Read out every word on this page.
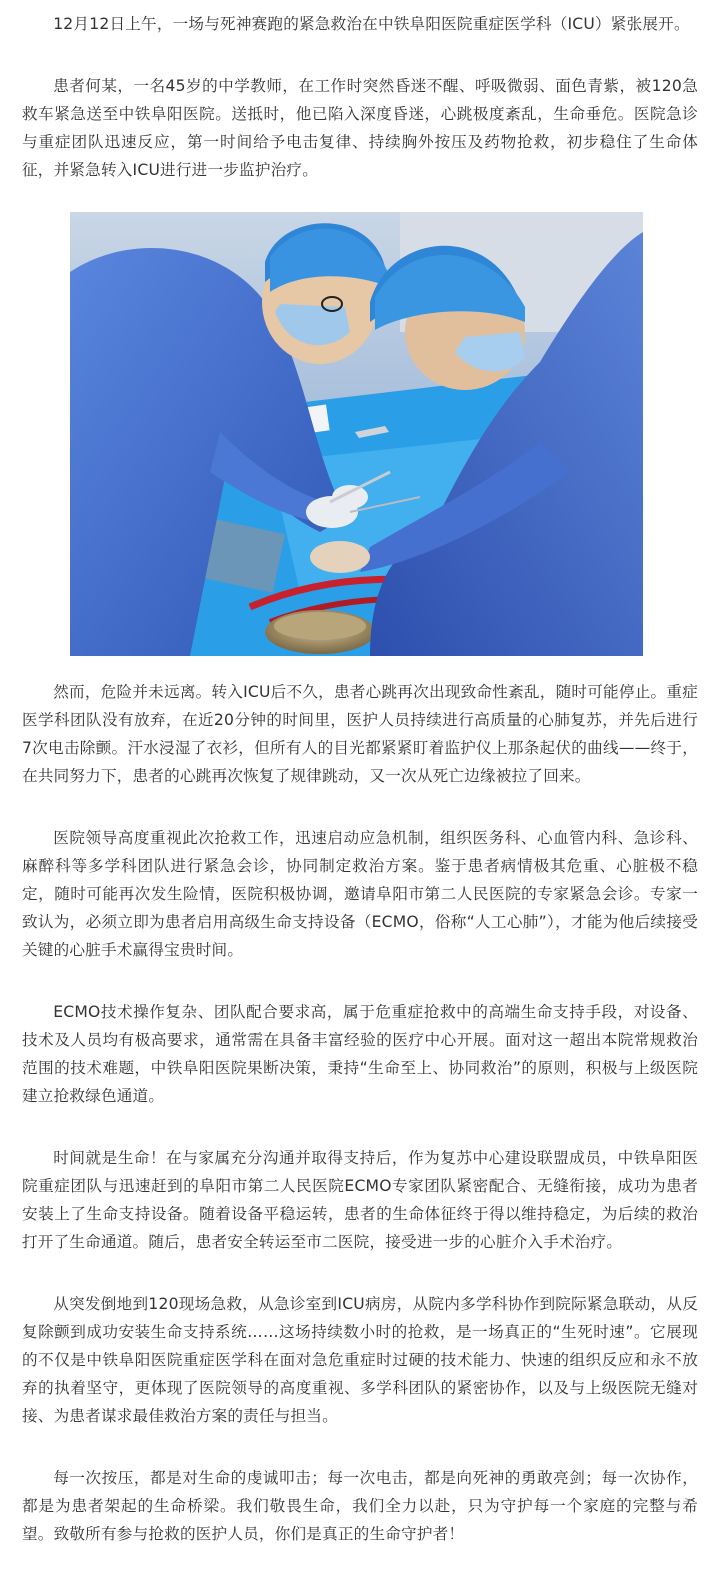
12月12日上午，一场与死神赛跑的紧急救治在中铁阜阳医院重症医学科（ICU）紧张展开。

患者何某，一名45岁的中学教师，在工作时突然昏迷不醒、呼吸微弱、面色青紫，被120急救车紧急送至中铁阜阳医院。送抵时，他已陷入深度昏迷，心跳极度紊乱，生命垂危。医院急诊与重症团队迅速反应，第一时间给予电击复律、持续胸外按压及药物抢救，初步稳住了生命体征，并紧急转入ICU进行进一步监护治疗。

然而，危险并未远离。转入ICU后不久，患者心跳再次出现致命性紊乱，随时可能停止。重症医学科团队没有放弃，在近20分钟的时间里，医护人员持续进行高质量的心肺复苏，并先后进行7次电击除颤。汗水浸湿了衣衫，但所有人的目光都紧紧盯着监护仪上那条起伏的曲线——终于，在共同努力下，患者的心跳再次恢复了规律跳动，又一次从死亡边缘被拉了回来。

医院领导高度重视此次抢救工作，迅速启动应急机制，组织医务科、心血管内科、急诊科、麻醉科等多学科团队进行紧急会诊，协同制定救治方案。鉴于患者病情极其危重、心脏极不稳定，随时可能再次发生险情，医院积极协调，邀请阜阳市第二人民医院的专家紧急会诊。专家一致认为，必须立即为患者启用高级生命支持设备（ECMO，俗称“人工心肺”），才能为他后续接受关键的心脏手术赢得宝贵时间。

ECMO技术操作复杂、团队配合要求高，属于危重症抢救中的高端生命支持手段，对设备、技术及人员均有极高要求，通常需在具备丰富经验的医疗中心开展。面对这一超出本院常规救治范围的技术难题，中铁阜阳医院果断决策，秉持“生命至上、协同救治”的原则，积极与上级医院建立抢救绿色通道。

时间就是生命！在与家属充分沟通并取得支持后，作为复苏中心建设联盟成员，中铁阜阳医院重症团队与迅速赶到的阜阳市第二人民医院ECMO专家团队紧密配合、无缝衔接，成功为患者安装上了生命支持设备。随着设备平稳运转，患者的生命体征终于得以维持稳定，为后续的救治打开了生命通道。随后，患者安全转运至市二医院，接受进一步的心脏介入手术治疗。

从突发倒地到120现场急救，从急诊室到ICU病房，从院内多学科协作到院际紧急联动，从反复除颤到成功安装生命支持系统……这场持续数小时的抢救，是一场真正的“生死时速”。它展现的不仅是中铁阜阳医院重症医学科在面对急危重症时过硬的技术能力、快速的组织反应和永不放弃的执着坚守，更体现了医院领导的高度重视、多学科团队的紧密协作，以及与上级医院无缝对接、为患者谋求最佳救治方案的责任与担当。

每一次按压，都是对生命的虔诚叩击；每一次电击，都是向死神的勇敢亮剑；每一次协作，都是为患者架起的生命桥梁。我们敬畏生命，我们全力以赴，只为守护每一个家庭的完整与希望。致敬所有参与抢救的医护人员，你们是真正的生命守护者！
